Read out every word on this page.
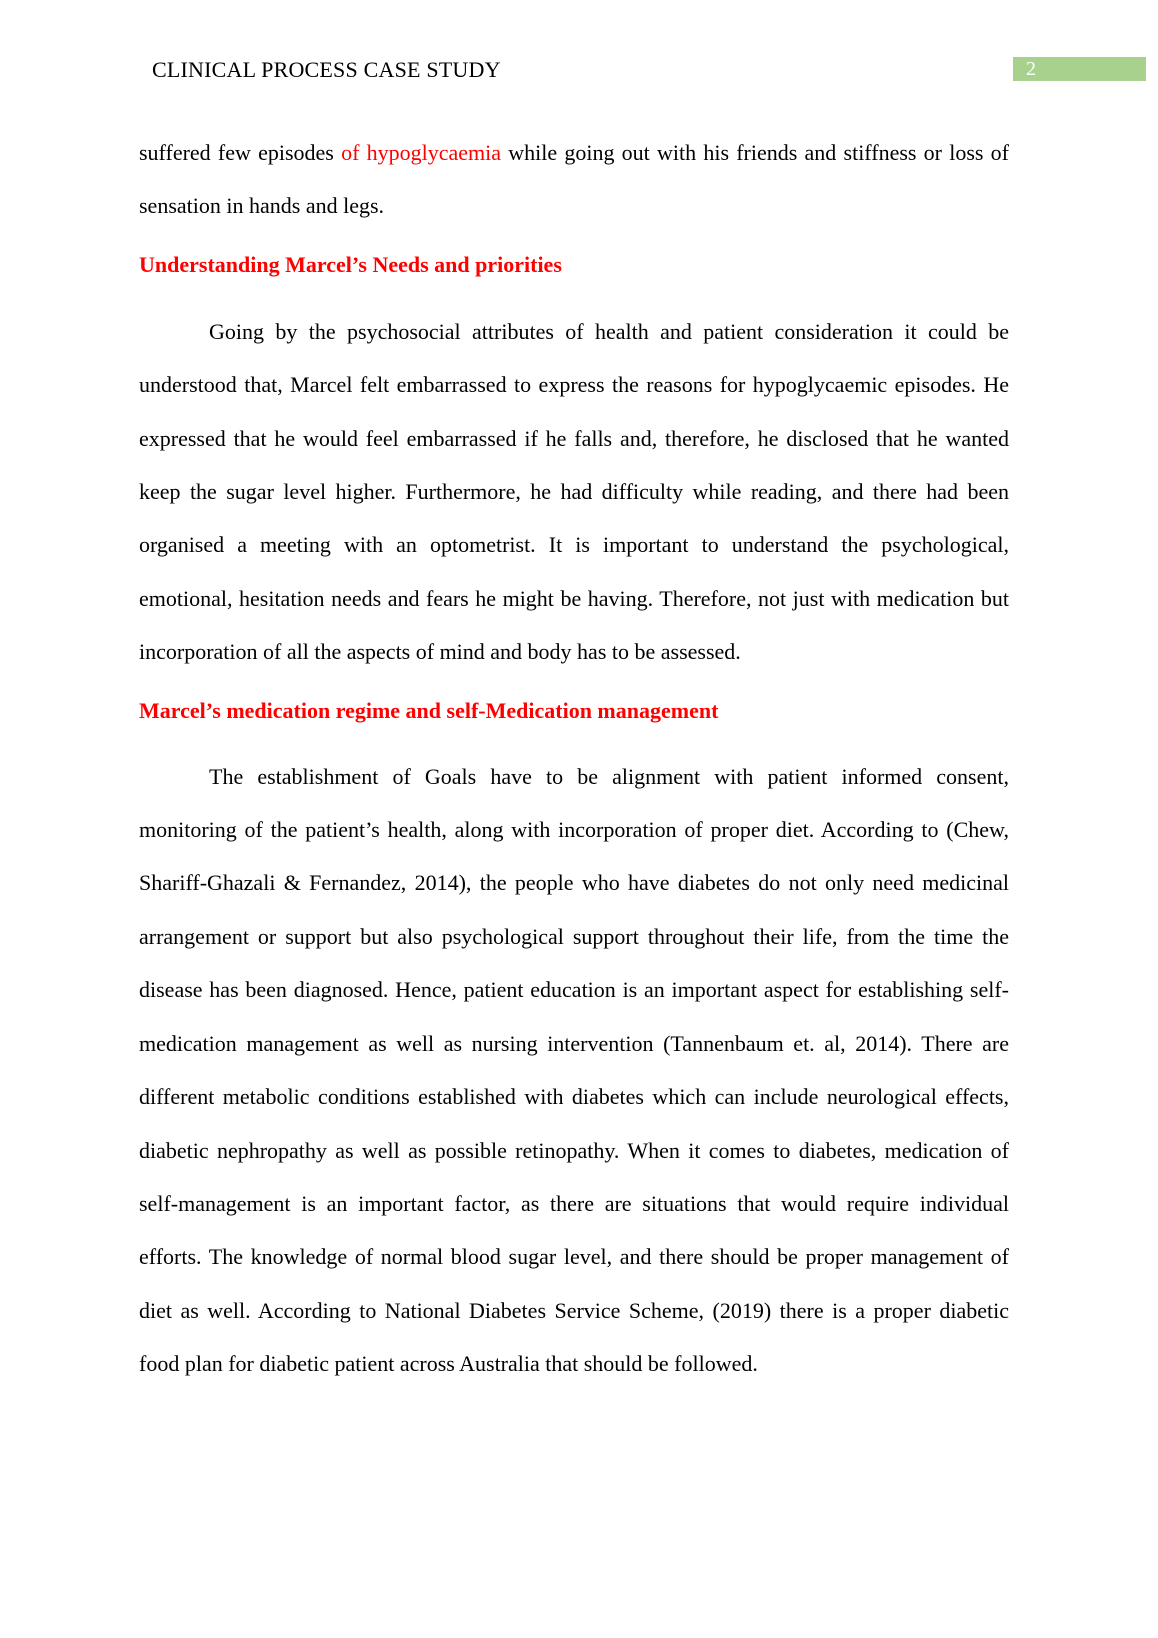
CLINICAL PROCESS CASE STUDY	2

suffered few episodes of hypoglycaemia while going out with his friends and stiffness or loss of sensation in hands and legs.

Understanding Marcel’s Needs and priorities

Going by the psychosocial attributes of health and patient consideration it could be understood that, Marcel felt embarrassed to express the reasons for hypoglycaemic episodes. He expressed that he would feel embarrassed if he falls and, therefore, he disclosed that he wanted keep the sugar level higher. Furthermore, he had difficulty while reading, and there had been organised a meeting with an optometrist. It is important to understand the psychological, emotional, hesitation needs and fears he might be having. Therefore, not just with medication but incorporation of all the aspects of mind and body has to be assessed.

Marcel’s medication regime and self-Medication management

The establishment of Goals have to be alignment with patient informed consent, monitoring of the patient’s health, along with incorporation of proper diet. According to (Chew, Shariff-Ghazali & Fernandez, 2014), the people who have diabetes do not only need medicinal arrangement or support but also psychological support throughout their life, from the time the disease has been diagnosed. Hence, patient education is an important aspect for establishing self-medication management as well as nursing intervention (Tannenbaum et. al, 2014). There are different metabolic conditions established with diabetes which can include neurological effects, diabetic nephropathy as well as possible retinopathy. When it comes to diabetes, medication of self-management is an important factor, as there are situations that would require individual efforts. The knowledge of normal blood sugar level, and there should be proper management of diet as well. According to National Diabetes Service Scheme, (2019) there is a proper diabetic food plan for diabetic patient across Australia that should be followed.
